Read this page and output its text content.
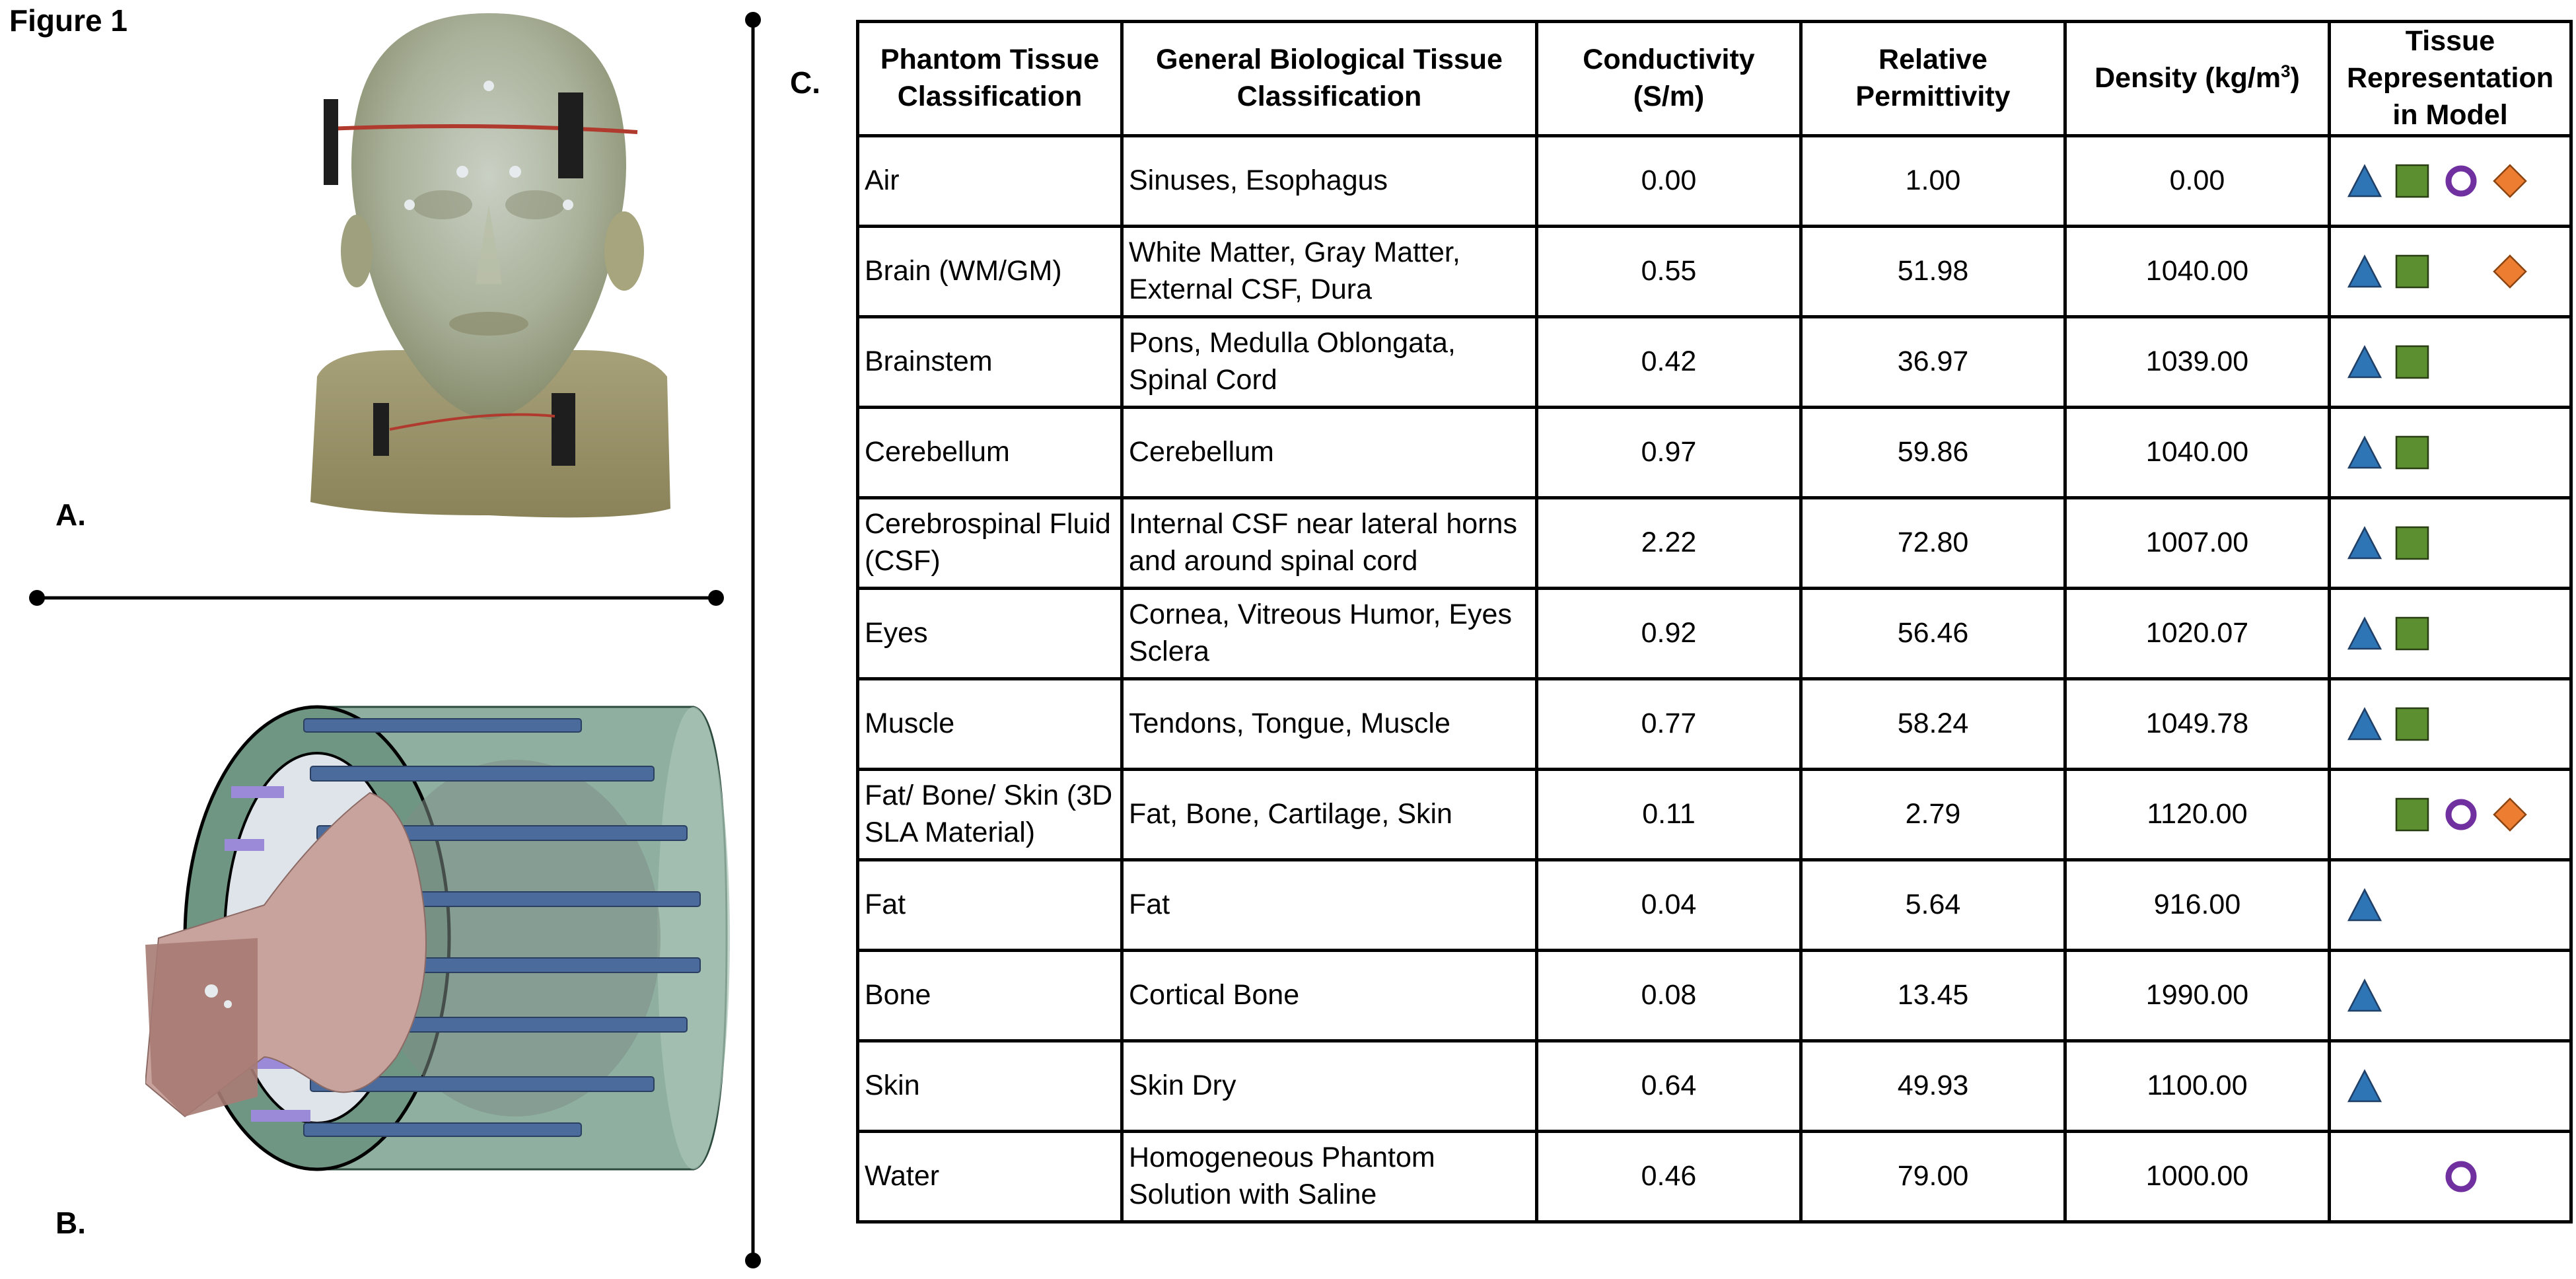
Figure 1
A.
B.
C.
Phantom Tissue Classification	General Biological Tissue Classification	Conductivity (S/m)	Relative Permittivity	Density $(kg/m^3)$	Tissue Representation in Model
Air	Sinuses, Esophagus	0.00	1.00	0.00	

Brain (WM/GM)	White Matter, Gray Matter, External CSF, Dura	0.55	51.98	1040.00	

Brainstem	Pons, Medulla Oblongata, Spinal Cord	0.42	36.97	1039.00	

Cerebellum	Cerebellum	0.97	59.86	1040.00	

Cerebrospinal Fluid (CSF)	Internal CSF near lateral horns and around spinal cord	2.22	72.80	1007.00	

Eyes	Cornea, Vitreous Humor, Eyes Sclera	0.92	56.46	1020.07	

Muscle	Tendons, Tongue, Muscle	0.77	58.24	1049.78	

Fat/ Bone/ Skin (3D SLA Material)	Fat, Bone, Cartilage, Skin	0.11	2.79	1120.00	

Fat	Fat	0.04	5.64	916.00	

Bone	Cortical Bone	0.08	13.45	1990.00	

Skin	Skin Dry	0.64	49.93	1100.00	

Water	Homogeneous Phantom Solution with Saline	0.46	79.00	1000.00	
